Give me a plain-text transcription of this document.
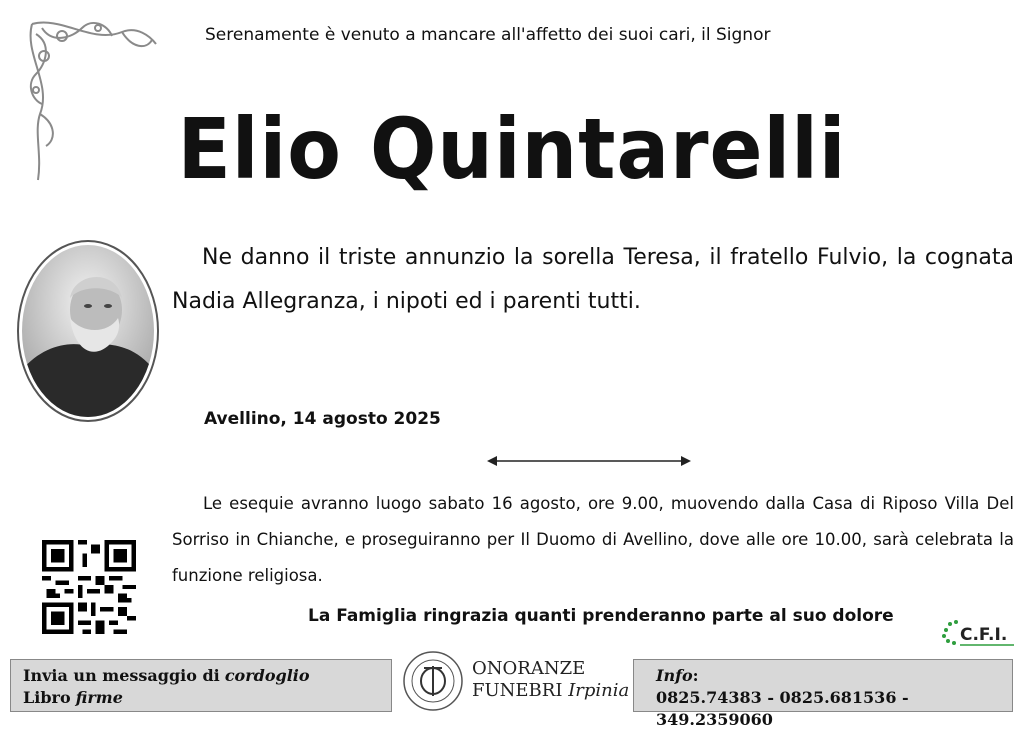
Serenamente è venuto a mancare all'affetto dei suoi cari, il Signor
Elio Quintarelli
Ne danno il triste annunzio la sorella Teresa, il fratello Fulvio, la cognata Nadia Allegranza, i nipoti ed i parenti tutti.
Avellino, 14 agosto 2025
Le esequie avranno luogo sabato 16 agosto, ore 9.00, muovendo dalla Casa di Riposo Villa Del Sorriso in Chianche, e proseguiranno per Il Duomo di Avellino, dove alle ore 10.00, sarà celebrata la funzione religiosa.
La Famiglia ringrazia quanti prenderanno parte al suo dolore
C.F.I.
Invia un messaggio di cordoglio
Libro firme
ONORANZE
FUNEBRI Irpinia
Info:
0825.74383 - 0825.681536 - 349.2359060
